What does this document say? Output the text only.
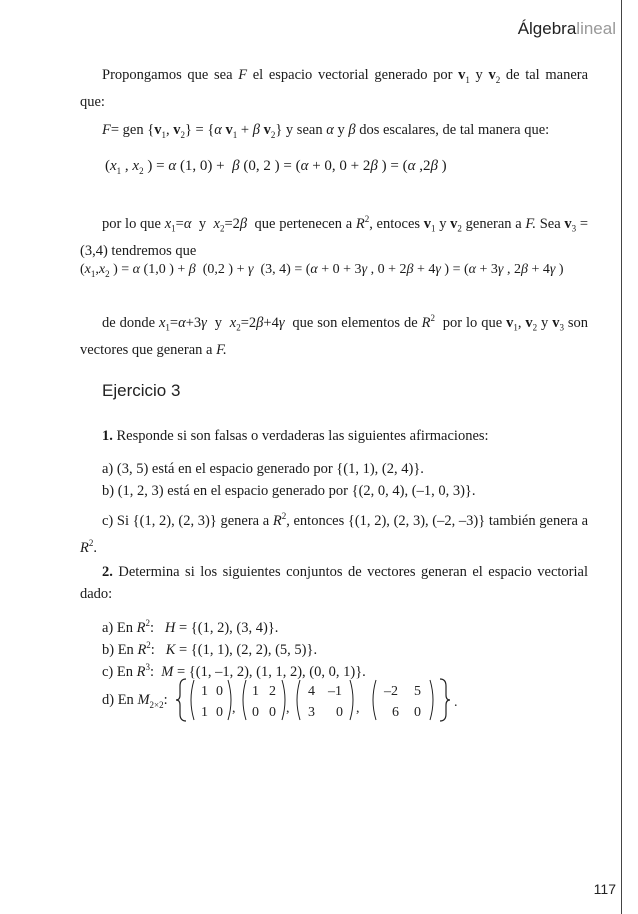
Álgebralineal

Propongamos que sea F el espacio vectorial generado por $v_1$ y $v_2$ de tal manera que:

F= gen {$v_1$, $v_2\} = \{\alpha$ $v_1 + \beta$ $v_2$} y sean α y β dos escalares, de tal manera que:
($x_1$ , $x_2$ ) = α (1, 0) +  β (0, 2 ) = (α + 0, 0 + 2β ) = (α ,2β )

por lo que $x_1=\alpha$  y  $x_2=2\beta$  que pertenecen a $R^2$, entoces $v_1$ y $v_2$ generan a F. Sea $v_3 = (3,4)$ tendremos que

($x_1,x_2$ ) = α (1,0 ) + β  (0,2 ) + γ  (3, 4) = (α + 0 + 3γ , 0 + 2β + 4γ ) = (α + 3γ , 2β + 4γ )

de donde $x_1=\alpha+3\gamma$  y  $x_2=2\beta+4\gamma$  que son elementos de $R^2$  por lo que $v_1$, $v_2$ y $v_3$ son vectores que generan a F.

Ejercicio 3
1. Responde si son falsas o verdaderas las siguientes afirmaciones:
a) (3, 5) está en el espacio generado por {(1, 1), (2, 4)}.
b) (1, 2, 3) está en el espacio generado por {(2, 0, 4), (–1, 0, 3)}.

c) Si {(1, 2), (2, 3)} genera a $R^2$, entonces {(1, 2), (2, 3), (–2, –3)} también genera a $R^2$.

2. Determina si los siguientes conjuntos de vectores generan el espacio vectorial dado:

a) En $R^2$:   H = {(1, 2), (3, 4)}.
b) En $R^2$:   K = {(1, 1), (2, 2), (5, 5)}.
c) En $R^3$:  M = {(1, –1, 2), (1, 1, 2), (0, 0, 1)}.
d) En $M_{2\times 2}$:	.
1 0
1 0 ,
1 2
0 0 ,
4 –1
3 0 ,
–2 5
6 0
117
